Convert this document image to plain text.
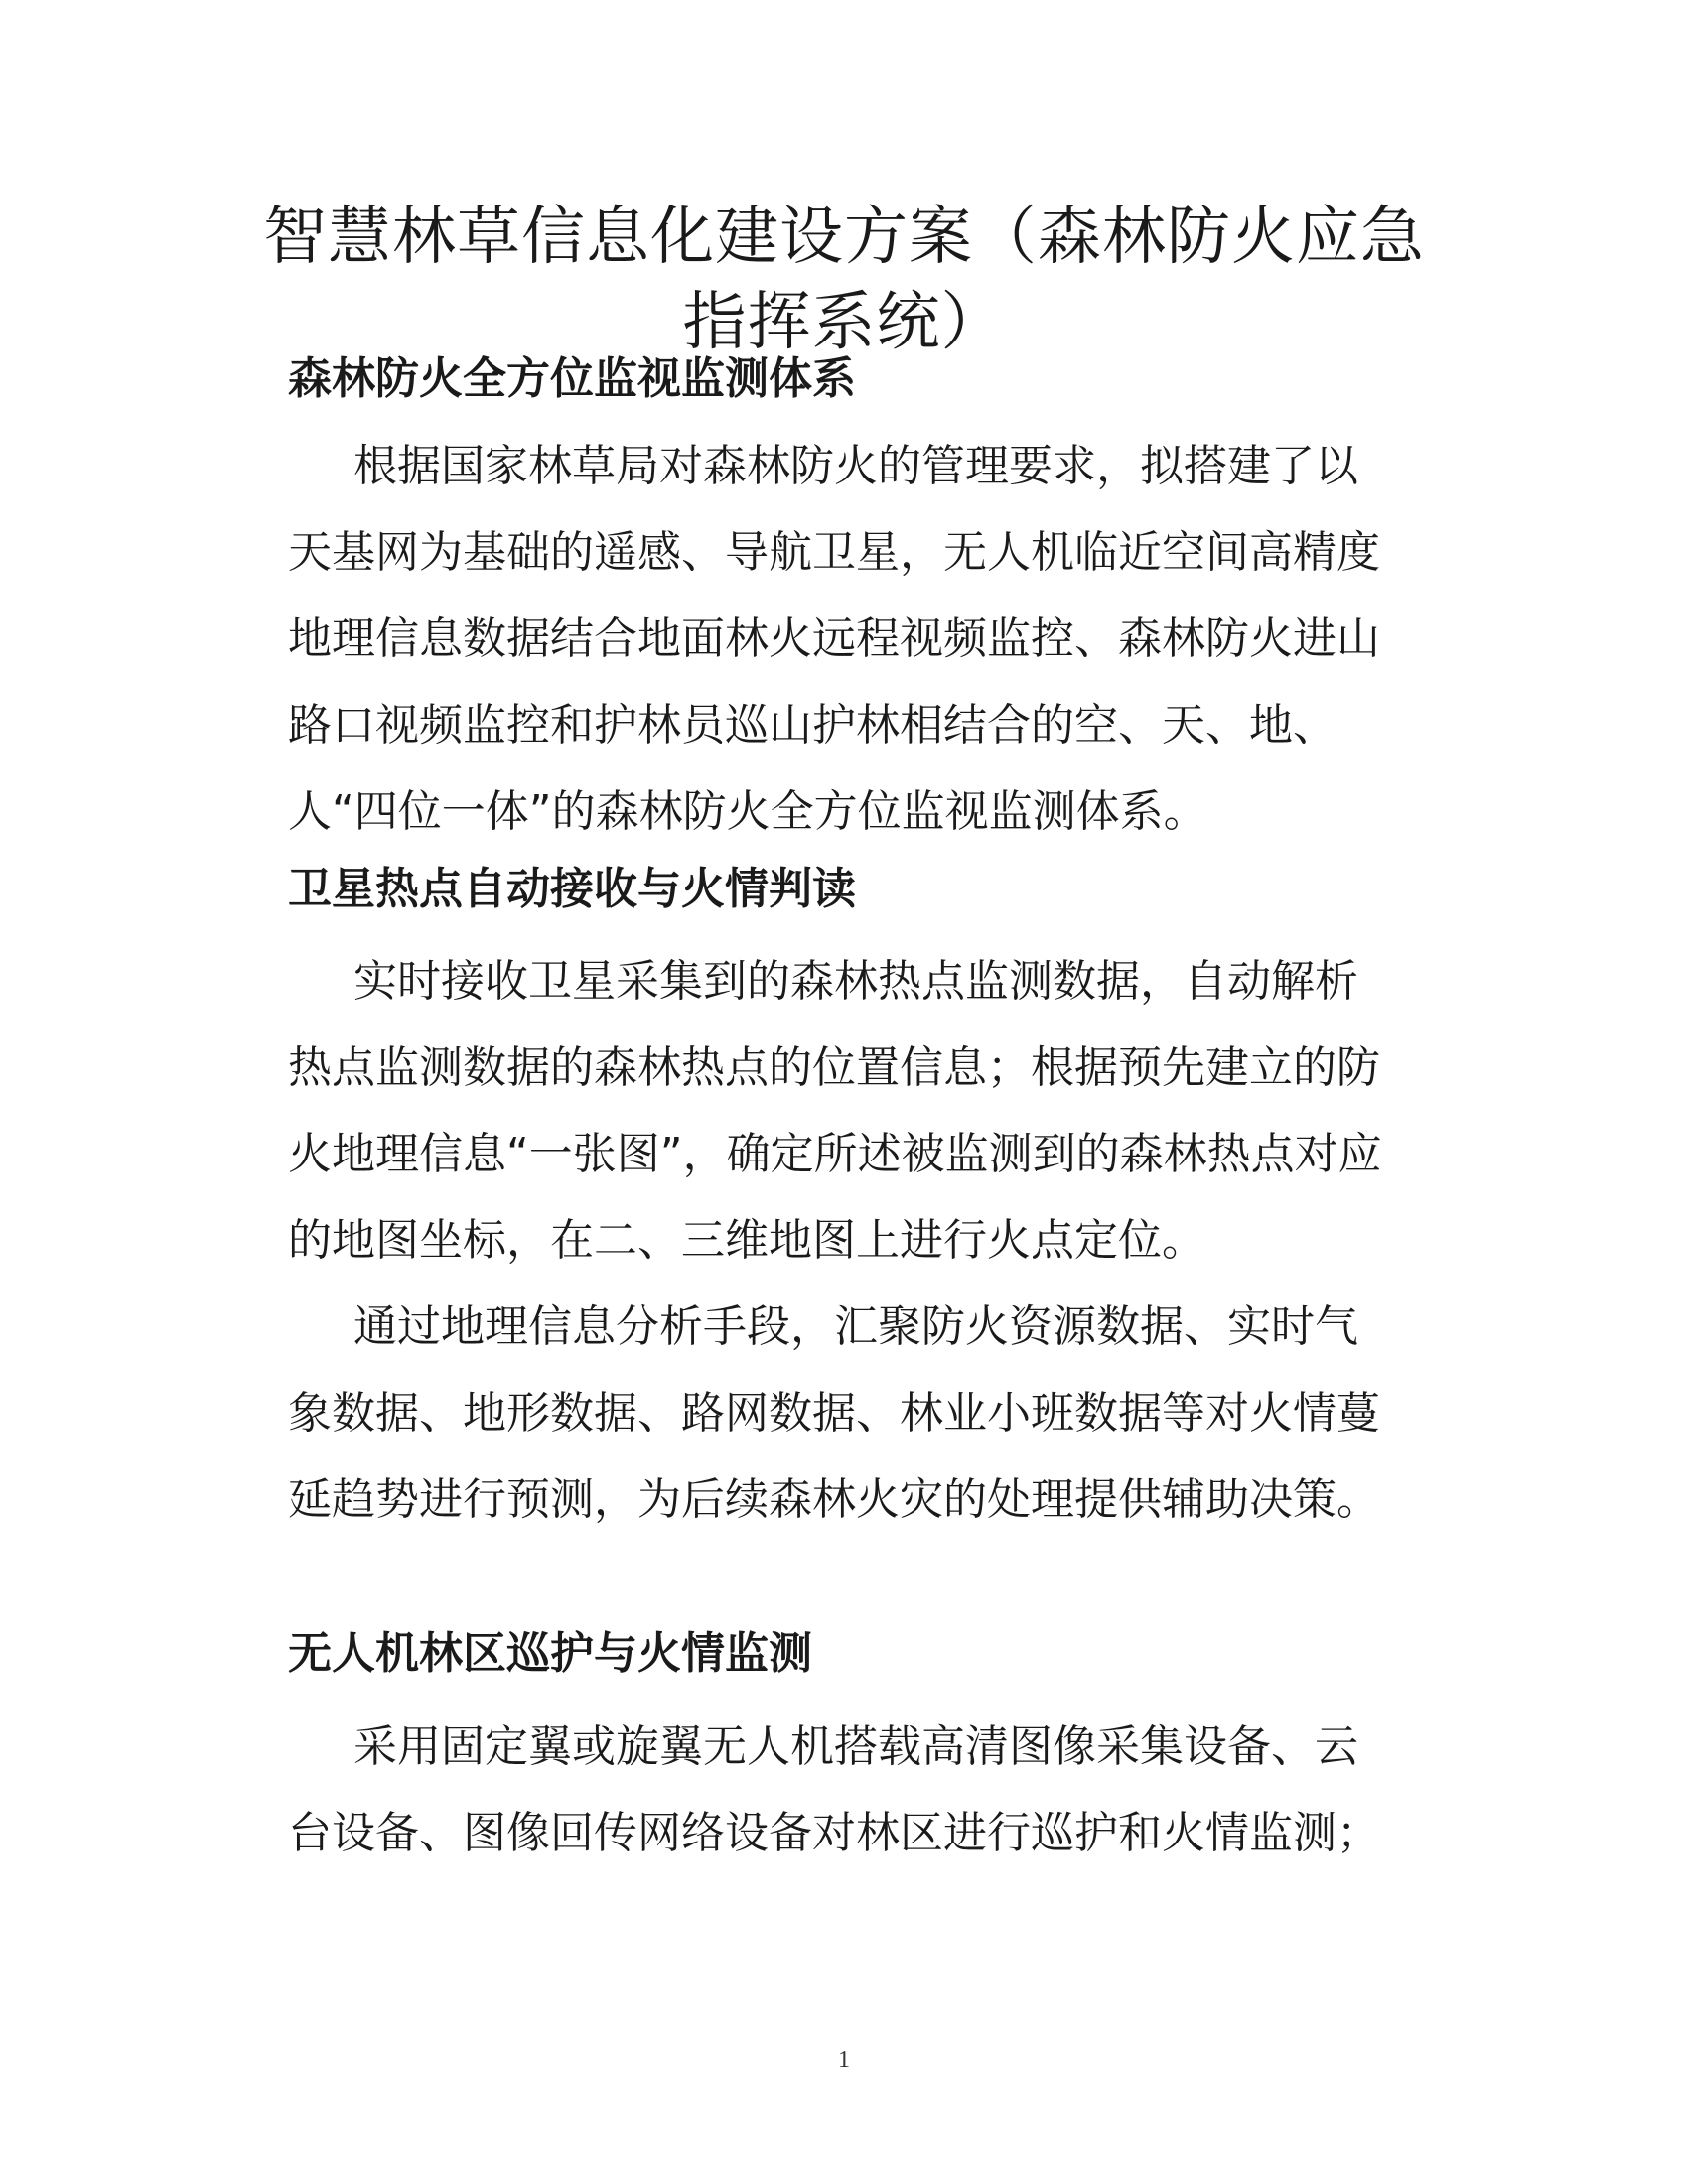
智慧林草信息化建设方案（森林防火应急指挥系统）
森林防火全方位监视监测体系

根据国家林草局对森林防火的管理要求，拟搭建了以天基网为基础的遥感、导航卫星，无人机临近空间高精度地理信息数据结合地面林火远程视频监控、森林防火进山路口视频监控和护林员巡山护林相结合的空、天、地、人“四位一体”的森林防火全方位监视监测体系。

卫星热点自动接收与火情判读

实时接收卫星采集到的森林热点监测数据，自动解析热点监测数据的森林热点的位置信息；根据预先建立的防火地理信息“一张图”，确定所述被监测到的森林热点对应的地图坐标，在二、三维地图上进行火点定位。

通过地理信息分析手段，汇聚防火资源数据、实时气象数据、地形数据、路网数据、林业小班数据等对火情蔓延趋势进行预测，为后续森林火灾的处理提供辅助决策。

无人机林区巡护与火情监测

采用固定翼或旋翼无人机搭载高清图像采集设备、云台设备、图像回传网络设备对林区进行巡护和火情监测；

1
